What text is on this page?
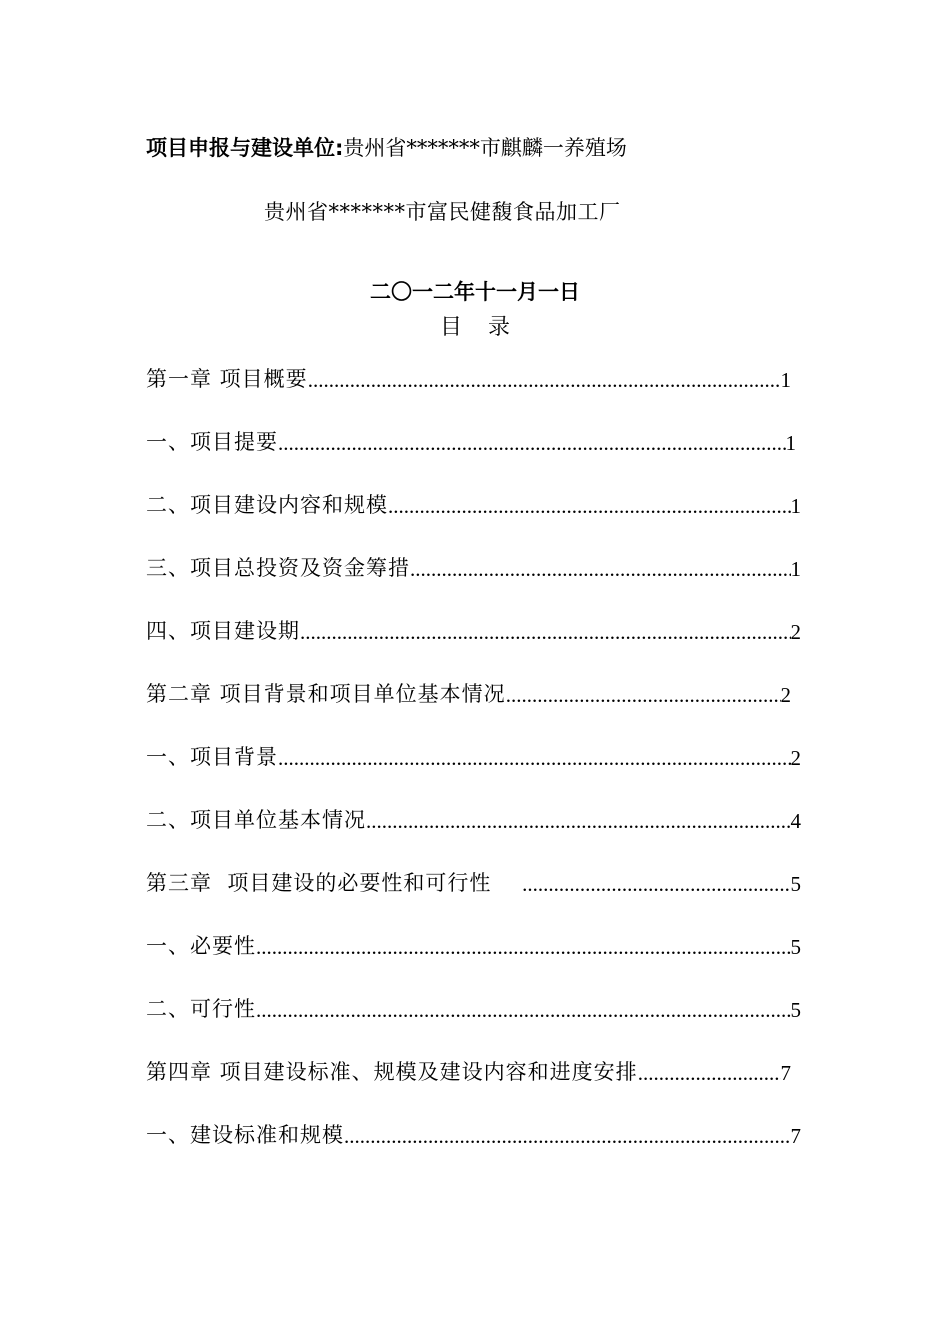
项目申报与建设单位:贵州省*******市麒麟一养殖场
贵州省*******市富民健馥食品加工厂
二〇一二年十一月一日
目录
第一章 项目概要 .....	1
一、项目提要 .....	1
二、项目建设内容和规模 .....	1
三、项目总投资及资金筹措 .....	1
四、项目建设期 .....	2
第二章 项目背景和项目单位基本情况 .....	2
一、项目背景 .....	2
二、项目单位基本情况 .....	4
第三章  项目建设的必要性和可行性 .....	5
一、必要性 .....	5
二、可行性 .....	5
第四章 项目建设标准、规模及建设内容和进度安排 .....	7
一、建设标准和规模 .....	7
